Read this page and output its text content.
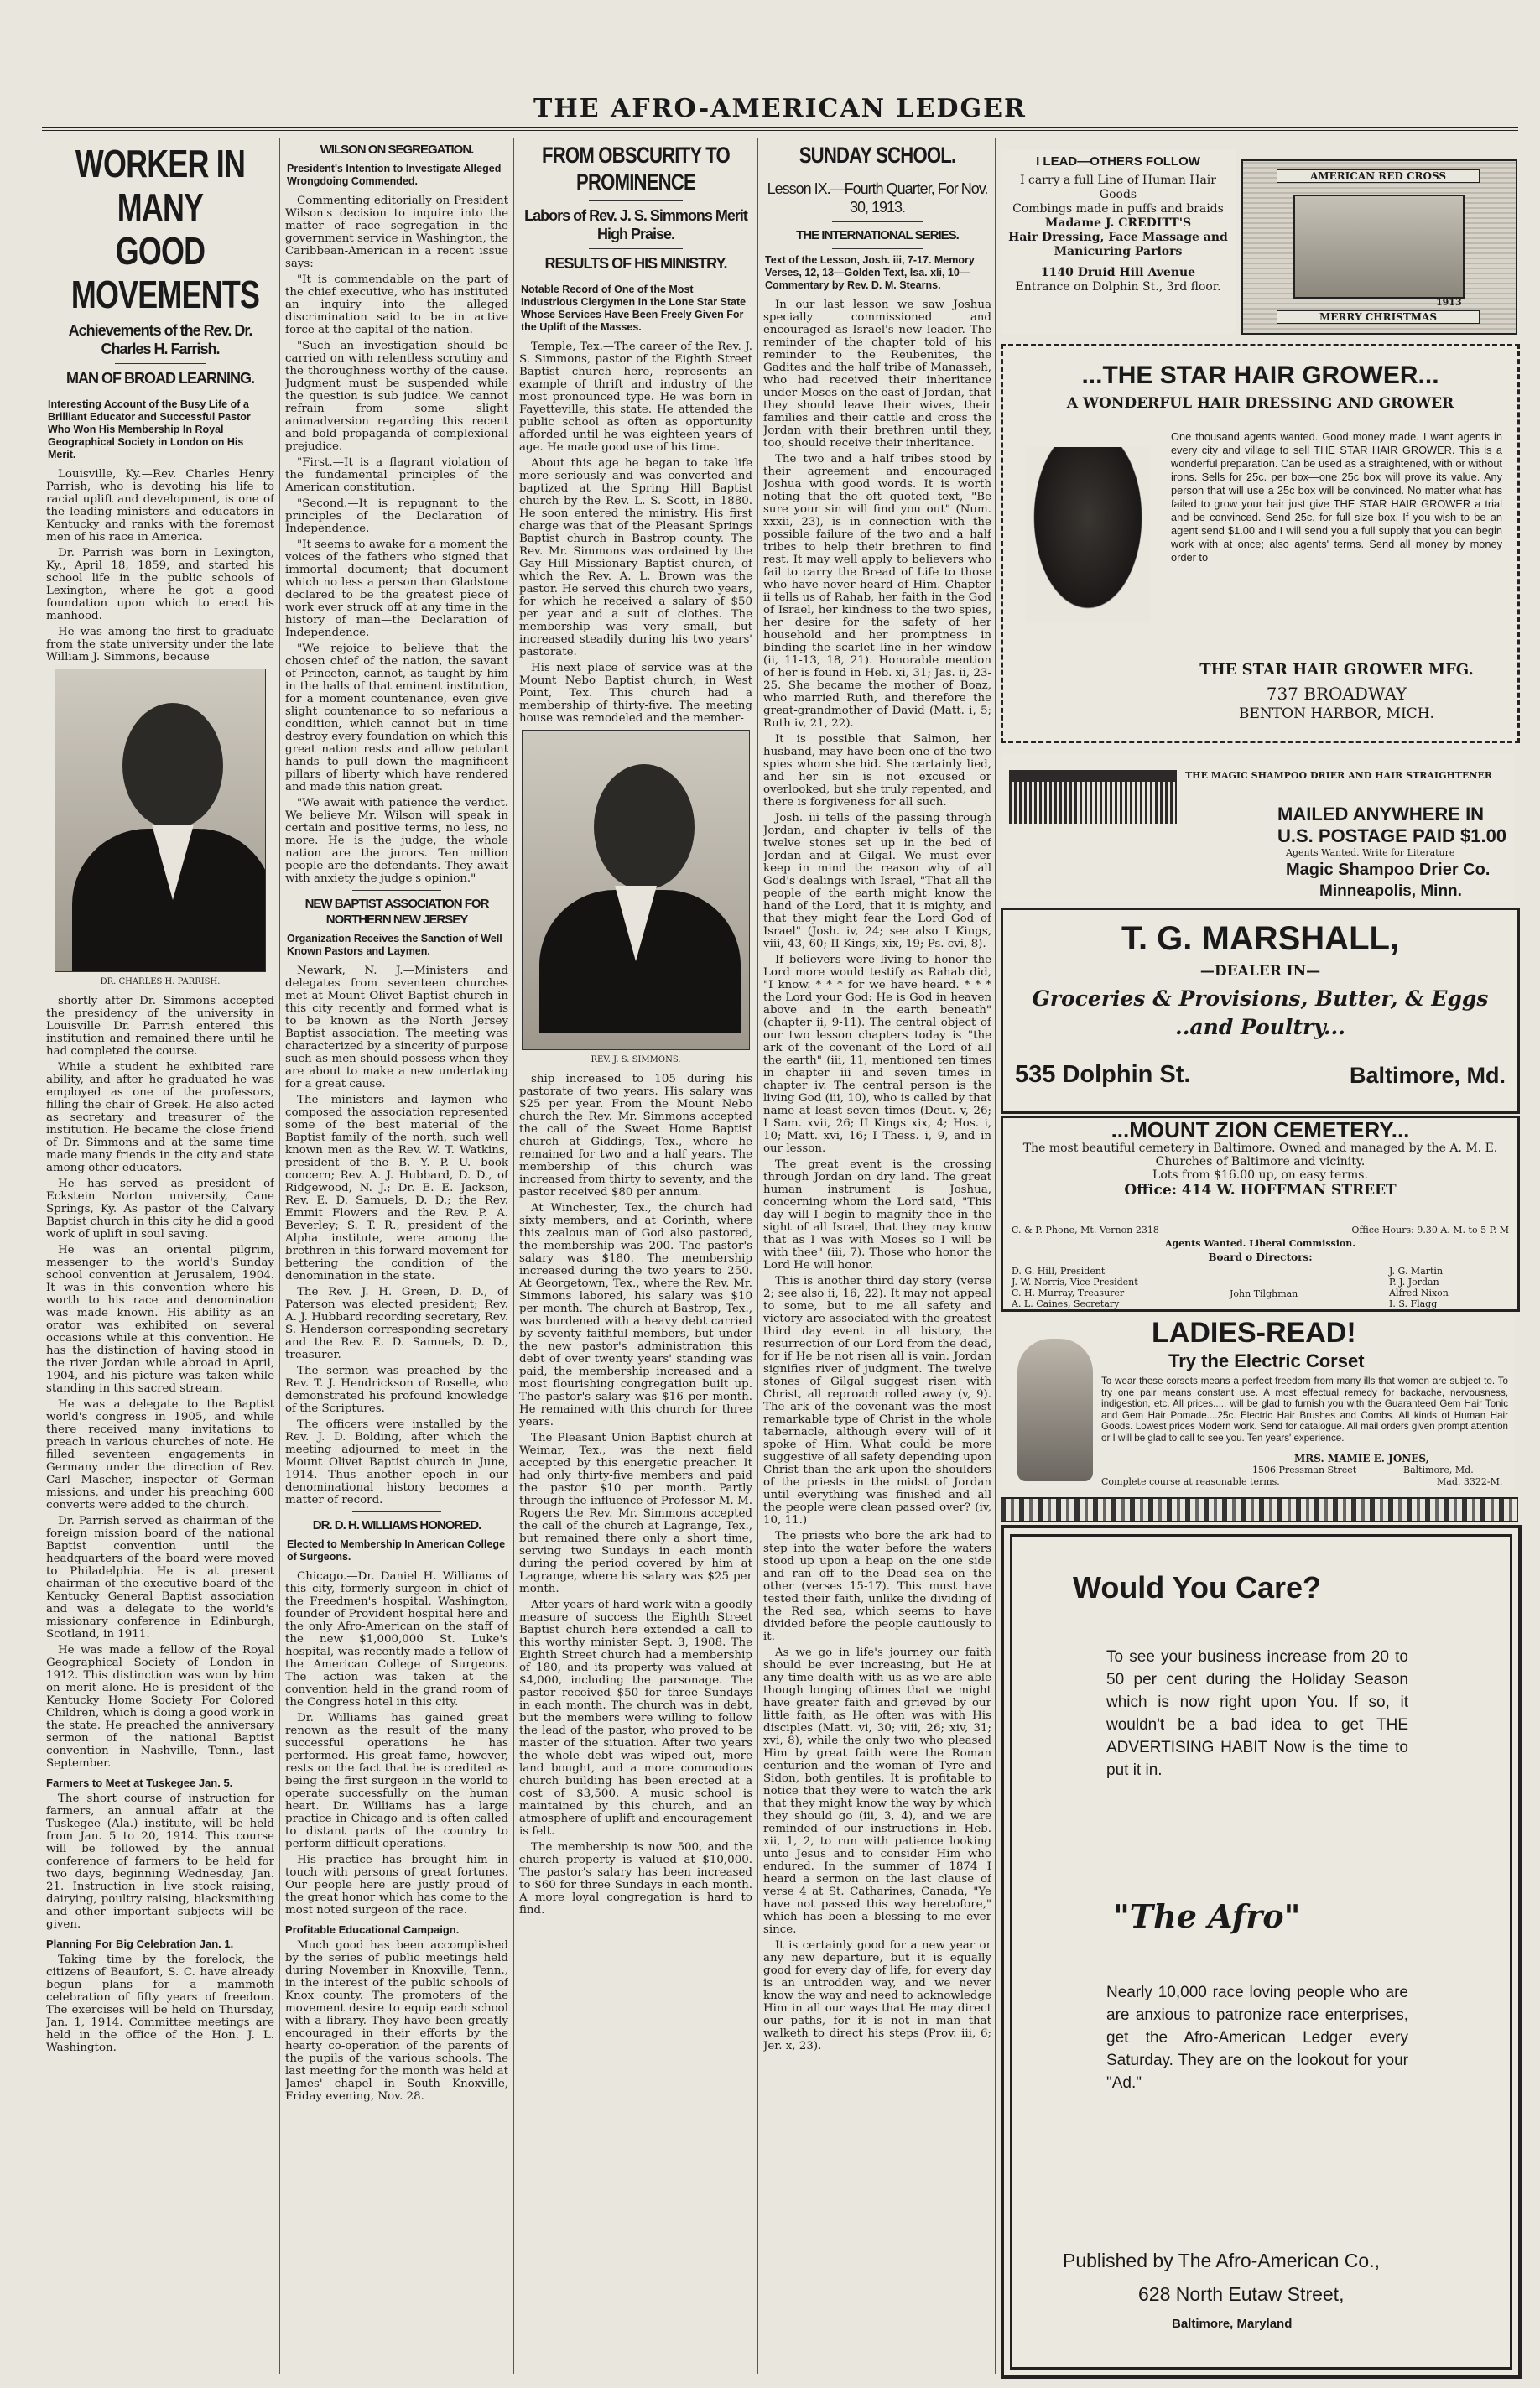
THE AFRO-AMERICAN LEDGER
WORKER IN MANY GOOD MOVEMENTS
Achievements of the Rev. Dr. Charles H. Farrish.
MAN OF BROAD LEARNING.
Interesting Account of the Busy Life of a Brilliant Educator and Successful Pastor Who Won His Membership In Royal Geographical Society in London on His Merit.

Louisville, Ky.—Rev. Charles Henry Parrish, who is devoting his life to racial uplift and development, is one of the leading ministers and educators in Kentucky and ranks with the foremost men of his race in America.

Dr. Parrish was born in Lexington, Ky., April 18, 1859, and started his school life in the public schools of Lexington, where he got a good foundation upon which to erect his manhood.

He was among the first to graduate from the state university under the late William J. Simmons, because

DR. CHARLES H. PARRISH.

shortly after Dr. Simmons accepted the presidency of the university in Louisville Dr. Parrish entered this institution and remained there until he had completed the course.

While a student he exhibited rare ability, and after he graduated he was employed as one of the professors, filling the chair of Greek. He also acted as secretary and treasurer of the institution. He became the close friend of Dr. Simmons and at the same time made many friends in the city and state among other educators.

He has served as president of Eckstein Norton university, Cane Springs, Ky. As pastor of the Calvary Baptist church in this city he did a good work of uplift in soul saving.

He was an oriental pilgrim, messenger to the world's Sunday school convention at Jerusalem, 1904. It was in this convention where his worth to his race and denomination was made known. His ability as an orator was exhibited on several occasions while at this convention. He has the distinction of having stood in the river Jordan while abroad in April, 1904, and his picture was taken while standing in this sacred stream.

He was a delegate to the Baptist world's congress in 1905, and while there received many invitations to preach in various churches of note. He filled seventeen engagements in Germany under the direction of Rev. Carl Mascher, inspector of German missions, and under his preaching 600 converts were added to the church.

Dr. Parrish served as chairman of the foreign mission board of the national Baptist convention until the headquarters of the board were moved to Philadelphia. He is at present chairman of the executive board of the Kentucky General Baptist association and was a delegate to the world's missionary conference in Edinburgh, Scotland, in 1911.

He was made a fellow of the Royal Geographical Society of London in 1912. This distinction was won by him on merit alone. He is president of the Kentucky Home Society For Colored Children, which is doing a good work in the state. He preached the anniversary sermon of the national Baptist convention in Nashville, Tenn., last September.

Farmers to Meet at Tuskegee Jan. 5.

The short course of instruction for farmers, an annual affair at the Tuskegee (Ala.) institute, will be held from Jan. 5 to 20, 1914. This course will be followed by the annual conference of farmers to be held for two days, beginning Wednesday, Jan. 21. Instruction in live stock raising, dairying, poultry raising, blacksmithing and other important subjects will be given.

Planning For Big Celebration Jan. 1.

Taking time by the forelock, the citizens of Beaufort, S. C. have already begun plans for a mammoth celebration of fifty years of freedom. The exercises will be held on Thursday, Jan. 1, 1914. Committee meetings are held in the office of the Hon. J. L. Washington.

WILSON ON SEGREGATION.
President's Intention to Investigate Alleged Wrongdoing Commended.

Commenting editorially on President Wilson's decision to inquire into the matter of race segregation in the government service in Washington, the Caribbean-American in a recent issue says:

"It is commendable on the part of the chief executive, who has instituted an inquiry into the alleged discrimination said to be in active force at the capital of the nation.

"Such an investigation should be carried on with relentless scrutiny and the thoroughness worthy of the cause. Judgment must be suspended while the question is sub judice. We cannot refrain from some slight animadversion regarding this recent and bold propaganda of complexional prejudice.

"First.—It is a flagrant violation of the fundamental principles of the American constitution.

"Second.—It is repugnant to the principles of the Declaration of Independence.

"It seems to awake for a moment the voices of the fathers who signed that immortal document; that document which no less a person than Gladstone declared to be the greatest piece of work ever struck off at any time in the history of man—the Declaration of Independence.

"We rejoice to believe that the chosen chief of the nation, the savant of Princeton, cannot, as taught by him in the halls of that eminent institution, for a moment countenance, even give slight countenance to so nefarious a condition, which cannot but in time destroy every foundation on which this great nation rests and allow petulant hands to pull down the magnificent pillars of liberty which have rendered and made this nation great.

"We await with patience the verdict. We believe Mr. Wilson will speak in certain and positive terms, no less, no more. He is the judge, the whole nation are the jurors. Ten million people are the defendants. They await with anxiety the judge's opinion."

NEW BAPTIST ASSOCIATION FOR NORTHERN NEW JERSEY
Organization Receives the Sanction of Well Known Pastors and Laymen.

Newark, N. J.—Ministers and delegates from seventeen churches met at Mount Olivet Baptist church in this city recently and formed what is to be known as the North Jersey Baptist association. The meeting was characterized by a sincerity of purpose such as men should possess when they are about to make a new undertaking for a great cause.

The ministers and laymen who composed the association represented some of the best material of the Baptist family of the north, such well known men as the Rev. W. T. Watkins, president of the B. Y. P. U. book concern; Rev. A. J. Hubbard, D. D., of Ridgewood, N. J.; Dr. E. E. Jackson, Rev. E. D. Samuels, D. D.; the Rev. Emmit Flowers and the Rev. P. A. Beverley; S. T. R., president of the Alpha institute, were among the brethren in this forward movement for bettering the condition of the denomination in the state.

The Rev. J. H. Green, D. D., of Paterson was elected president; Rev. A. J. Hubbard recording secretary, Rev. S. Henderson corresponding secretary and the Rev. E. D. Samuels, D. D., treasurer.

The sermon was preached by the Rev. T. J. Hendrickson of Roselle, who demonstrated his profound knowledge of the Scriptures.

The officers were installed by the Rev. J. D. Bolding, after which the meeting adjourned to meet in the Mount Olivet Baptist church in June, 1914. Thus another epoch in our denominational history becomes a matter of record.

DR. D. H. WILLIAMS HONORED.
Elected to Membership In American College of Surgeons.

Chicago.—Dr. Daniel H. Williams of this city, formerly surgeon in chief of the Freedmen's hospital, Washington, founder of Provident hospital here and the only Afro-American on the staff of the new $1,000,000 St. Luke's hospital, was recently made a fellow of the American College of Surgeons. The action was taken at the convention held in the grand room of the Congress hotel in this city.

Dr. Williams has gained great renown as the result of the many successful operations he has performed. His great fame, however, rests on the fact that he is credited as being the first surgeon in the world to operate successfully on the human heart. Dr. Williams has a large practice in Chicago and is often called to distant parts of the country to perform difficult operations.

His practice has brought him in touch with persons of great fortunes. Our people here are justly proud of the great honor which has come to the most noted surgeon of the race.

Profitable Educational Campaign.

Much good has been accomplished by the series of public meetings held during November in Knoxville, Tenn., in the interest of the public schools of Knox county. The promoters of the movement desire to equip each school with a library. They have been greatly encouraged in their efforts by the hearty co-operation of the parents of the pupils of the various schools. The last meeting for the month was held at James' chapel in South Knoxville, Friday evening, Nov. 28.

FROM OBSCURITY TO PROMINENCE
Labors of Rev. J. S. Simmons Merit High Praise.
RESULTS OF HIS MINISTRY.
Notable Record of One of the Most Industrious Clergymen In the Lone Star State Whose Services Have Been Freely Given For the Uplift of the Masses.

Temple, Tex.—The career of the Rev. J. S. Simmons, pastor of the Eighth Street Baptist church here, represents an example of thrift and industry of the most pronounced type. He was born in Fayetteville, this state. He attended the public school as often as opportunity afforded until he was eighteen years of age. He made good use of his time.

About this age he began to take life more seriously and was converted and baptized at the Spring Hill Baptist church by the Rev. L. S. Scott, in 1880. He soon entered the ministry. His first charge was that of the Pleasant Springs Baptist church in Bastrop county. The Rev. Mr. Simmons was ordained by the Gay Hill Missionary Baptist church, of which the Rev. A. L. Brown was the pastor. He served this church two years, for which he received a salary of $50 per year and a suit of clothes. The membership was very small, but increased steadily during his two years' pastorate.

His next place of service was at the Mount Nebo Baptist church, in West Point, Tex. This church had a membership of thirty-five. The meeting house was remodeled and the member-

REV. J. S. SIMMONS.

ship increased to 105 during his pastorate of two years. His salary was $25 per year. From the Mount Nebo church the Rev. Mr. Simmons accepted the call of the Sweet Home Baptist church at Giddings, Tex., where he remained for two and a half years. The membership of this church was increased from thirty to seventy, and the pastor received $80 per annum.

At Winchester, Tex., the church had sixty members, and at Corinth, where this zealous man of God also pastored, the membership was 200. The pastor's salary was $180. The membership increased during the two years to 250. At Georgetown, Tex., where the Rev. Mr. Simmons labored, his salary was $10 per month. The church at Bastrop, Tex., was burdened with a heavy debt carried by seventy faithful members, but under the new pastor's administration this debt of over twenty years' standing was paid, the membership increased and a most flourishing congregation built up. The pastor's salary was $16 per month. He remained with this church for three years.

The Pleasant Union Baptist church at Weimar, Tex., was the next field accepted by this energetic preacher. It had only thirty-five members and paid the pastor $10 per month. Partly through the influence of Professor M. M. Rogers the Rev. Mr. Simmons accepted the call of the church at Lagrange, Tex., but remained there only a short time, serving two Sundays in each month during the period covered by him at Lagrange, where his salary was $25 per month.

After years of hard work with a goodly measure of success the Eighth Street Baptist church here extended a call to this worthy minister Sept. 3, 1908. The Eighth Street church had a membership of 180, and its property was valued at $4,000, including the parsonage. The pastor received $50 for three Sundays in each month. The church was in debt, but the members were willing to follow the lead of the pastor, who proved to be master of the situation. After two years the whole debt was wiped out, more land bought, and a more commodious church building has been erected at a cost of $3,500. A music school is maintained by this church, and an atmosphere of uplift and encouragement is felt.

The membership is now 500, and the church property is valued at $10,000. The pastor's salary has been increased to $60 for three Sundays in each month. A more loyal congregation is hard to find.

SUNDAY SCHOOL.
Lesson IX.—Fourth Quarter, For Nov. 30, 1913.
THE INTERNATIONAL SERIES.
Text of the Lesson, Josh. iii, 7-17. Memory Verses, 12, 13—Golden Text, Isa. xli, 10—Commentary by Rev. D. M. Stearns.

In our last lesson we saw Joshua specially commissioned and encouraged as Israel's new leader. The reminder of the chapter told of his reminder to the Reubenites, the Gadites and the half tribe of Manasseh, who had received their inheritance under Moses on the east of Jordan, that they should leave their wives, their families and their cattle and cross the Jordan with their brethren until they, too, should receive their inheritance.

The two and a half tribes stood by their agreement and encouraged Joshua with good words. It is worth noting that the oft quoted text, "Be sure your sin will find you out" (Num. xxxii, 23), is in connection with the possible failure of the two and a half tribes to help their brethren to find rest. It may well apply to believers who fail to carry the Bread of Life to those who have never heard of Him. Chapter ii tells us of Rahab, her faith in the God of Israel, her kindness to the two spies, her desire for the safety of her household and her promptness in binding the scarlet line in her window (ii, 11-13, 18, 21). Honorable mention of her is found in Heb. xi, 31; Jas. ii, 23-25. She became the mother of Boaz, who married Ruth, and therefore the great-grandmother of David (Matt. i, 5; Ruth iv, 21, 22).

It is possible that Salmon, her husband, may have been one of the two spies whom she hid. She certainly lied, and her sin is not excused or overlooked, but she truly repented, and there is forgiveness for all such.

Josh. iii tells of the passing through Jordan, and chapter iv tells of the twelve stones set up in the bed of Jordan and at Gilgal. We must ever keep in mind the reason why of all God's dealings with Israel, "That all the people of the earth might know the hand of the Lord, that it is mighty, and that they might fear the Lord God of Israel" (Josh. iv, 24; see also I Kings, viii, 43, 60; II Kings, xix, 19; Ps. cvi, 8).

If believers were living to honor the Lord more would testify as Rahab did, "I know. * * * for we have heard. * * * the Lord your God: He is God in heaven above and in the earth beneath" (chapter ii, 9-11). The central object of our two lesson chapters today is "the ark of the covenant of the Lord of all the earth" (iii, 11, mentioned ten times in chapter iii and seven times in chapter iv. The central person is the living God (iii, 10), who is called by that name at least seven times (Deut. v, 26; I Sam. xvii, 26; II Kings xix, 4; Hos. i, 10; Matt. xvi, 16; I Thess. i, 9, and in our lesson.

The great event is the crossing through Jordan on dry land. The great human instrument is Joshua, concerning whom the Lord said, "This day will I begin to magnify thee in the sight of all Israel, that they may know that as I was with Moses so I will be with thee" (iii, 7). Those who honor the Lord He will honor.

This is another third day story (verse 2; see also ii, 16, 22). It may not appeal to some, but to me all safety and victory are associated with the greatest third day event in all history, the resurrection of our Lord from the dead, for if He be not risen all is vain. Jordan signifies river of judgment. The twelve stones of Gilgal suggest risen with Christ, all reproach rolled away (v, 9). The ark of the covenant was the most remarkable type of Christ in the whole tabernacle, although every will of it spoke of Him. What could be more suggestive of all safety depending upon Christ than the ark upon the shoulders of the priests in the midst of Jordan until everything was finished and all the people were clean passed over? (iv, 10, 11.)

The priests who bore the ark had to step into the water before the waters stood up upon a heap on the one side and ran off to the Dead sea on the other (verses 15-17). This must have tested their faith, unlike the dividing of the Red sea, which seems to have divided before the people cautiously to it.

As we go in life's journey our faith should be ever increasing, but He at any time dealth with us as we are able though longing oftimes that we might have greater faith and grieved by our little faith, as He often was with His disciples (Matt. vi, 30; viii, 26; xiv, 31; xvi, 8), while the only two who pleased Him by great faith were the Roman centurion and the woman of Tyre and Sidon, both gentiles. It is profitable to notice that they were to watch the ark that they might know the way by which they should go (iii, 3, 4), and we are reminded of our instructions in Heb. xii, 1, 2, to run with patience looking unto Jesus and to consider Him who endured. In the summer of 1874 I heard a sermon on the last clause of verse 4 at St. Catharines, Canada, "Ye have not passed this way heretofore," which has been a blessing to me ever since.

It is certainly good for a new year or any new departure, but it is equally good for every day of life, for every day is an untrodden way, and we never know the way and need to acknowledge Him in all our ways that He may direct our paths, for it is not in man that walketh to direct his steps (Prov. iii, 6; Jer. x, 23).

I LEAD—OTHERS FOLLOW
I carry a full Line of Human Hair Goods
Combings made in puffs and braids
Madame J. CREDITT'S
Hair Dressing, Face Massage and Manicuring Parlors
1140 Druid Hill Avenue
Entrance on Dolphin St., 3rd floor.
AMERICAN RED CROSS
1913
MERRY CHRISTMAS
...THE STAR HAIR GROWER...
A WONDERFUL HAIR DRESSING AND GROWER
One thousand agents wanted. Good money made. I want agents in every city and village to sell THE STAR HAIR GROWER. This is a wonderful preparation. Can be used as a straightened, with or without irons. Sells for 25c. per box—one 25c box will prove its value. Any person that will use a 25c box will be convinced. No matter what has failed to grow your hair just give THE STAR HAIR GROWER a trial and be convinced. Send 25c. for full size box. If you wish to be an agent send $1.00 and I will send you a full supply that you can begin work with at once; also agents' terms. Send all money by money order to
THE STAR HAIR GROWER MFG.
737 BROADWAY
BENTON HARBOR, MICH.
THE MAGIC SHAMPOO DRIER AND HAIR STRAIGHTENER
MAILED ANYWHERE IN U.S. POSTAGE PAID $1.00
Agents Wanted. Write for Literature
Magic Shampoo Drier Co.
Minneapolis, Minn.
T. G. MARSHALL,
—DEALER IN—
Groceries & Provisions, Butter, & Eggs ..and Poultry...
535 Dolphin St.	Baltimore, Md.
...MOUNT ZION CEMETERY...
The most beautiful cemetery in Baltimore. Owned and managed by the A. M. E. Churches of Baltimore and vicinity.
Lots from $16.00 up, on easy terms.
Office: 414 W. HOFFMAN STREET
C. & P. Phone, Mt. Vernon 2318	Office Hours: 9.30 A. M. to 5 P. M
Agents Wanted. Liberal Commission.
Board o Directors:
D. G. Hill, President
J. W. Norris, Vice President
C. H. Murray, Treasurer
A. L. Caines, Secretary
John Tilghman
J. G. Martin
P. J. Jordan
Alfred Nixon
I. S. Flagg
LADIES-READ!
Try the Electric Corset
To wear these corsets means a perfect freedom from many ills that women are subject to. To try one pair means constant use. A most effectual remedy for backache, nervousness, indigestion, etc. All prices..... will be glad to furnish you with the Guaranteed Gem Hair Tonic and Gem Hair Pomade....25c. Electric Hair Brushes and Combs. All kinds of Human Hair Goods. Lowest prices Modern work. Send for catalogue. All mail orders given prompt attention or I will be glad to call to see you. Ten years' experience.
MRS. MAMIE E. JONES,
1506 Pressman Street	Baltimore, Md.
Complete course at reasonable terms.	Mad. 3322-M.
Would You Care?
To see your business increase from 20 to 50 per cent during the Holiday Season which is now right upon You. If so, it wouldn't be a bad idea to get THE ADVERTISING HABIT Now is the time to put it in.
"The Afro"
Nearly 10,000 race loving people who are are anxious to patronize race enterprises, get the Afro-American Ledger every Saturday. They are on the lookout for your "Ad."
Published by The Afro-American Co.,
628 North Eutaw Street,
Baltimore, Maryland
